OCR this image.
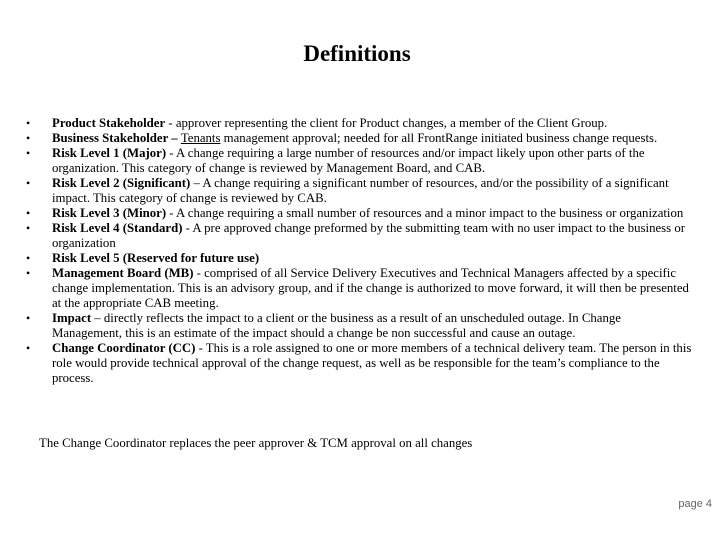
Definitions
• Product Stakeholder - approver representing the client for Product changes, a member of the Client Group.
• Business Stakeholder – Tenants management approval; needed for all FrontRange initiated business change requests.
• Risk Level 1 (Major) - A change requiring a large number of resources and/or impact likely upon other parts of the organization. This category of change is reviewed by Management Board, and CAB.
• Risk Level 2 (Significant) – A change requiring a significant number of resources, and/or the possibility of a significant impact. This category of change is reviewed by CAB.
• Risk Level 3 (Minor) - A change requiring a small number of resources and a minor impact to the business or organization
• Risk Level 4 (Standard) - A pre approved change preformed by the submitting team with no user impact to the business or organization
• Risk Level 5 (Reserved for future use)
• Management Board (MB) - comprised of all Service Delivery Executives and Technical Managers affected by a specific change implementation. This is an advisory group, and if the change is authorized to move forward, it will then be presented at the appropriate CAB meeting.
• Impact – directly reflects the impact to a client or the business as a result of an unscheduled outage. In Change Management, this is an estimate of the impact should a change be non successful and cause an outage.
• Change Coordinator (CC) - This is a role assigned to one or more members of a technical delivery team. The person in this role would provide technical approval of the change request, as well as be responsible for the team’s compliance to the process.
The Change Coordinator replaces the peer approver & TCM approval on all changes
page 4
